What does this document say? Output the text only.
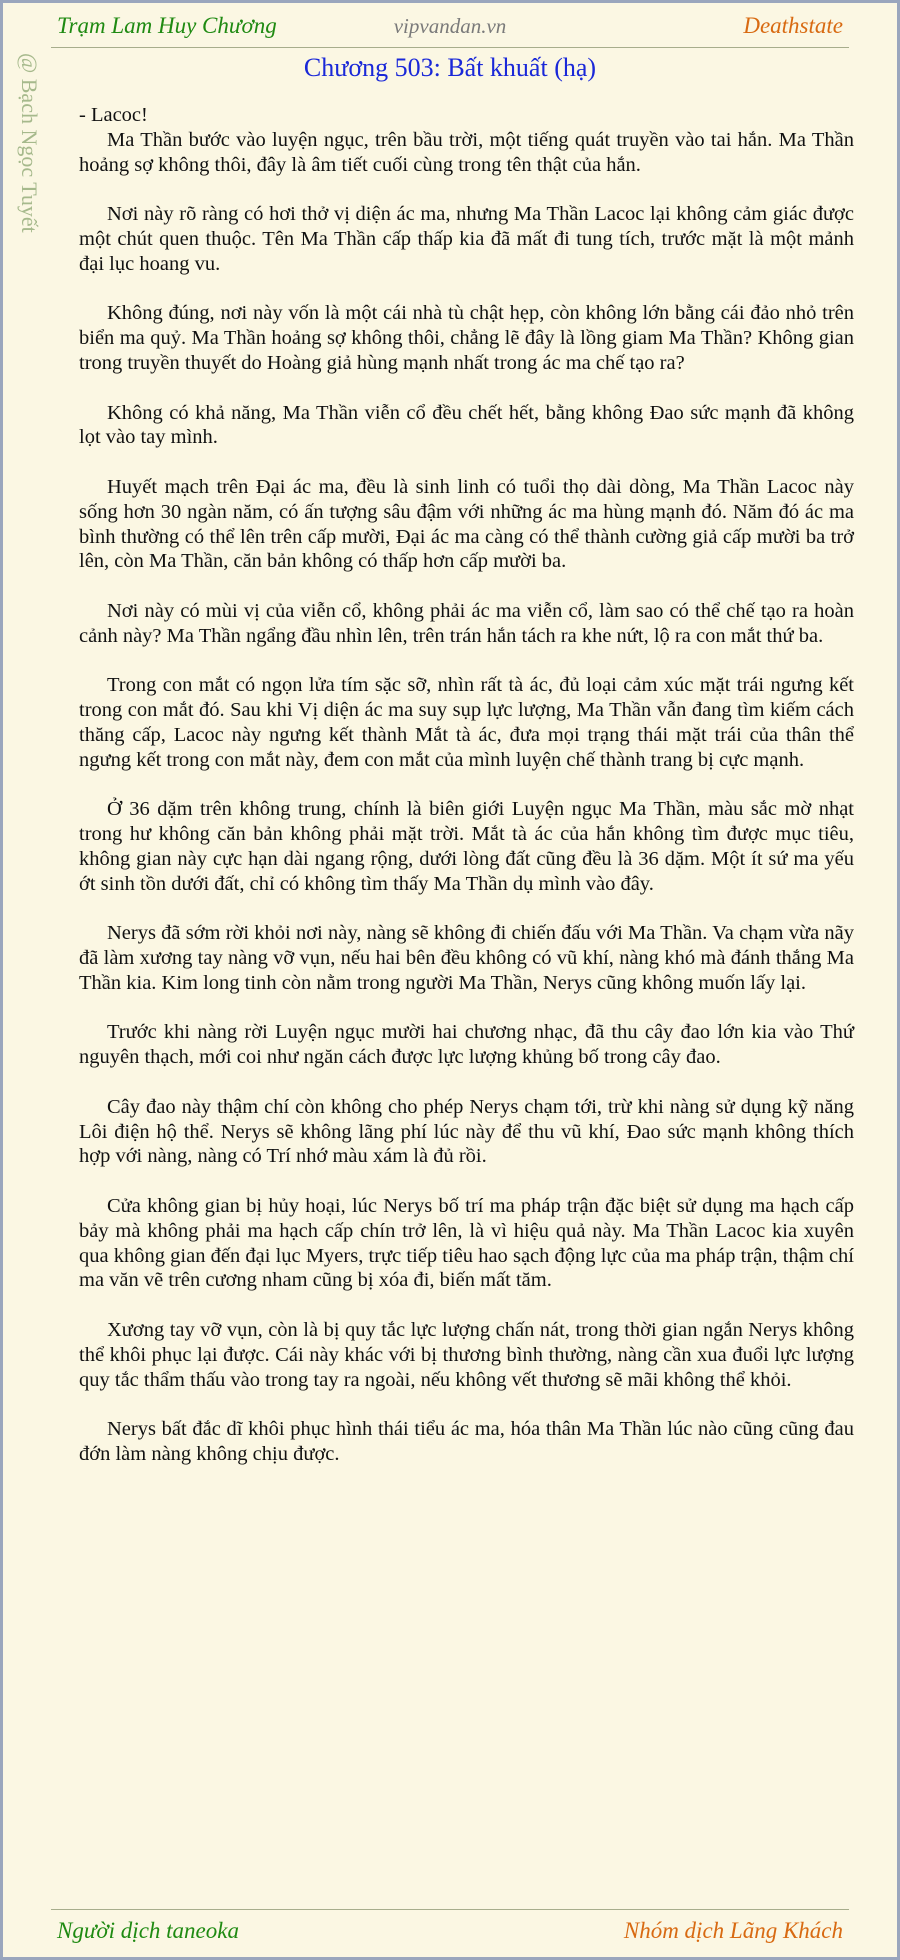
Trạm Lam Huy Chương	vipvandan.vn	Deathstate
@ Bạch Ngọc Tuyết	Chương 503: Bất khuất (hạ)

- Lacoc!

Ma Thần bước vào luyện ngục, trên bầu trời, một tiếng quát truyền vào tai hắn. Ma Thần hoảng sợ không thôi, đây là âm tiết cuối cùng trong tên thật của hắn.

Nơi này rõ ràng có hơi thở vị diện ác ma, nhưng Ma Thần Lacoc lại không cảm giác được một chút quen thuộc. Tên Ma Thần cấp thấp kia đã mất đi tung tích, trước mặt là một mảnh đại lục hoang vu.

Không đúng, nơi này vốn là một cái nhà tù chật hẹp, còn không lớn bằng cái đảo nhỏ trên biển ma quỷ. Ma Thần hoảng sợ không thôi, chẳng lẽ đây là lồng giam Ma Thần? Không gian trong truyền thuyết do Hoàng giả hùng mạnh nhất trong ác ma chế tạo ra?

Không có khả năng, Ma Thần viễn cổ đều chết hết, bằng không Đao sức mạnh đã không lọt vào tay mình.

Huyết mạch trên Đại ác ma, đều là sinh linh có tuổi thọ dài dòng, Ma Thần Lacoc này sống hơn 30 ngàn năm, có ấn tượng sâu đậm với những ác ma hùng mạnh đó. Năm đó ác ma bình thường có thể lên trên cấp mười, Đại ác ma càng có thể thành cường giả cấp mười ba trở lên, còn Ma Thần, căn bản không có thấp hơn cấp mười ba.

Nơi này có mùi vị của viễn cổ, không phải ác ma viễn cổ, làm sao có thể chế tạo ra hoàn cảnh này? Ma Thần ngẩng đầu nhìn lên, trên trán hắn tách ra khe nứt, lộ ra con mắt thứ ba.

Trong con mắt có ngọn lửa tím sặc sỡ, nhìn rất tà ác, đủ loại cảm xúc mặt trái ngưng kết trong con mắt đó. Sau khi Vị diện ác ma suy sụp lực lượng, Ma Thần vẫn đang tìm kiếm cách thăng cấp, Lacoc này ngưng kết thành Mắt tà ác, đưa mọi trạng thái mặt trái của thân thể ngưng kết trong con mắt này, đem con mắt của mình luyện chế thành trang bị cực mạnh.

Ở 36 dặm trên không trung, chính là biên giới Luyện ngục Ma Thần, màu sắc mờ nhạt trong hư không căn bản không phải mặt trời. Mắt tà ác của hắn không tìm được mục tiêu, không gian này cực hạn dài ngang rộng, dưới lòng đất cũng đều là 36 dặm. Một ít sứ ma yếu ớt sinh tồn dưới đất, chỉ có không tìm thấy Ma Thần dụ mình vào đây.

Nerys đã sớm rời khỏi nơi này, nàng sẽ không đi chiến đấu với Ma Thần. Va chạm vừa nãy đã làm xương tay nàng vỡ vụn, nếu hai bên đều không có vũ khí, nàng khó mà đánh thắng Ma Thần kia. Kim long tinh còn nằm trong người Ma Thần, Nerys cũng không muốn lấy lại.

Trước khi nàng rời Luyện ngục mười hai chương nhạc, đã thu cây đao lớn kia vào Thứ nguyên thạch, mới coi như ngăn cách được lực lượng khủng bố trong cây đao.

Cây đao này thậm chí còn không cho phép Nerys chạm tới, trừ khi nàng sử dụng kỹ năng Lôi điện hộ thể. Nerys sẽ không lãng phí lúc này để thu vũ khí, Đao sức mạnh không thích hợp với nàng, nàng có Trí nhớ màu xám là đủ rồi.

Cửa không gian bị hủy hoại, lúc Nerys bố trí ma pháp trận đặc biệt sử dụng ma hạch cấp bảy mà không phải ma hạch cấp chín trở lên, là vì hiệu quả này. Ma Thần Lacoc kia xuyên qua không gian đến đại lục Myers, trực tiếp tiêu hao sạch động lực của ma pháp trận, thậm chí ma văn vẽ trên cương nham cũng bị xóa đi, biến mất tăm.

Xương tay vỡ vụn, còn là bị quy tắc lực lượng chấn nát, trong thời gian ngắn Nerys không thể khôi phục lại được. Cái này khác với bị thương bình thường, nàng cần xua đuổi lực lượng quy tắc thẩm thấu vào trong tay ra ngoài, nếu không vết thương sẽ mãi không thể khỏi.

Nerys bất đắc dĩ khôi phục hình thái tiểu ác ma, hóa thân Ma Thần lúc nào cũng cũng đau đớn làm nàng không chịu được.

Người dịch taneoka	Nhóm dịch Lãng Khách
